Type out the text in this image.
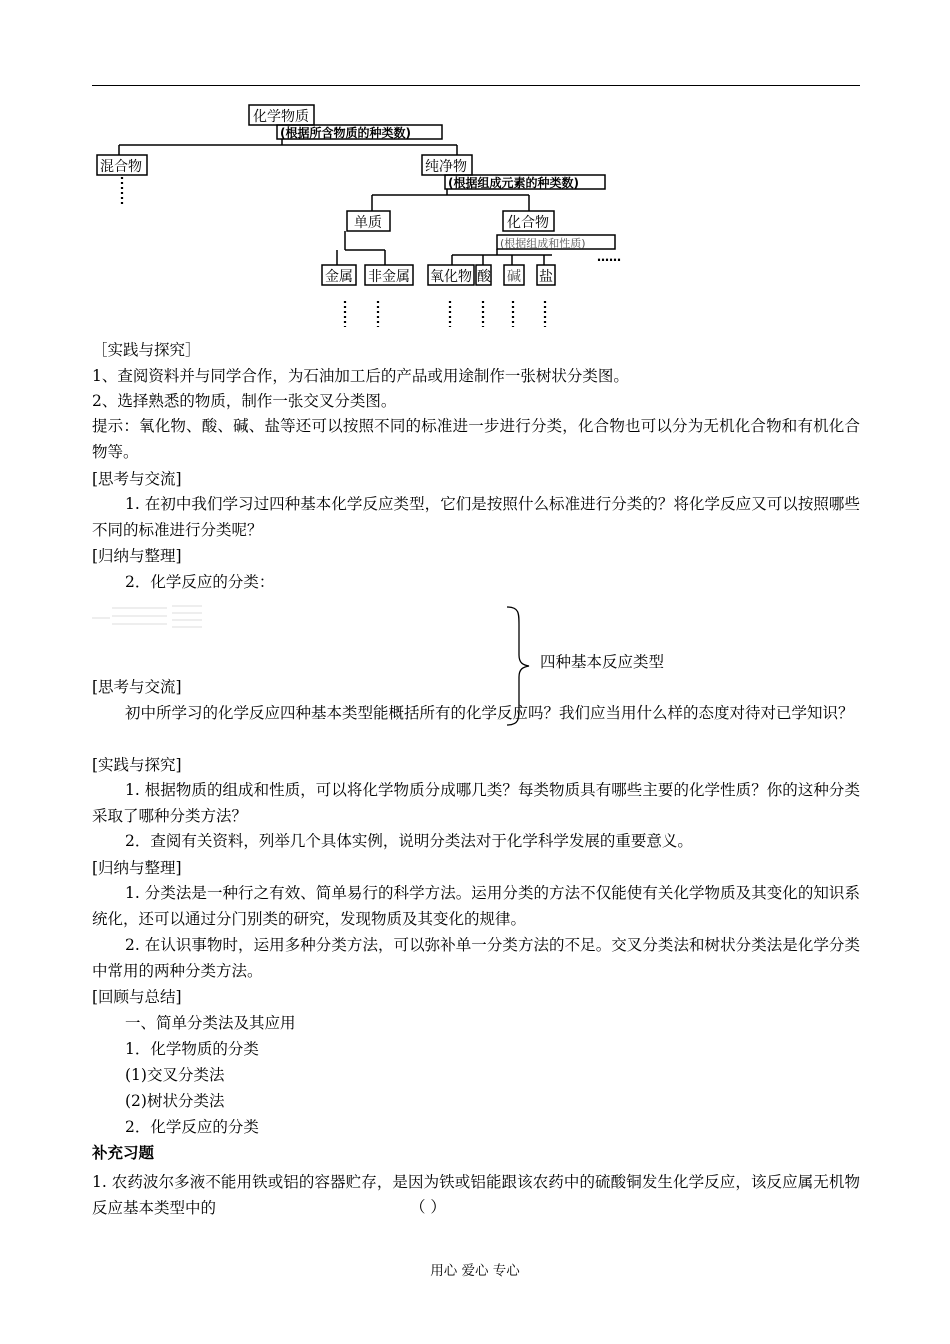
化学物质
(根据所含物质的种类数)
混合物	纯净物
(根据组成元素的种类数)
单质	化合物
(根据组成和性质)
金属 非金属 氧化物 酸 碱 盐
……
［实践与探究］
1、查阅资料并与同学合作，为石油加工后的产品或用途制作一张树状分类图。
2、选择熟悉的物质，制作一张交叉分类图。
提示：氧化物、酸、碱、盐等还可以按照不同的标准进一步进行分类，化合物也可以分为无机化合物和有机化合物等。
[思考与交流]
1. 在初中我们学习过四种基本化学反应类型，它们是按照什么标准进行分类的？将化学反应又可以按照哪些不同的标准进行分类呢？
[归纳与整理]
2．化学反应的分类：
四种基本反应类型
[思考与交流]
初中所学习的化学反应四种基本类型能概括所有的化学反应吗？我们应当用什么样的态度对待对已学知识？
[实践与探究]
1. 根据物质的组成和性质，可以将化学物质分成哪几类？每类物质具有哪些主要的化学性质？你的这种分类采取了哪种分类方法？
2．查阅有关资料，列举几个具体实例，说明分类法对于化学科学发展的重要意义。
[归纳与整理]
1. 分类法是一种行之有效、简单易行的科学方法。运用分类的方法不仅能使有关化学物质及其变化的知识系统化，还可以通过分门别类的研究，发现物质及其变化的规律。
2. 在认识事物时，运用多种分类方法，可以弥补单一分类方法的不足。交叉分类法和树状分类法是化学分类中常用的两种分类方法。
[回顾与总结]
一、简单分类法及其应用
1．化学物质的分类
(1)交叉分类法
(2)树状分类法
2．化学反应的分类
补充习题
1. 农药波尔多液不能用铁或铝的容器贮存，是因为铁或铝能跟该农药中的硫酸铜发生化学反应，该反应属无机物反应基本类型中的	（ ）
用心 爱心 专心
